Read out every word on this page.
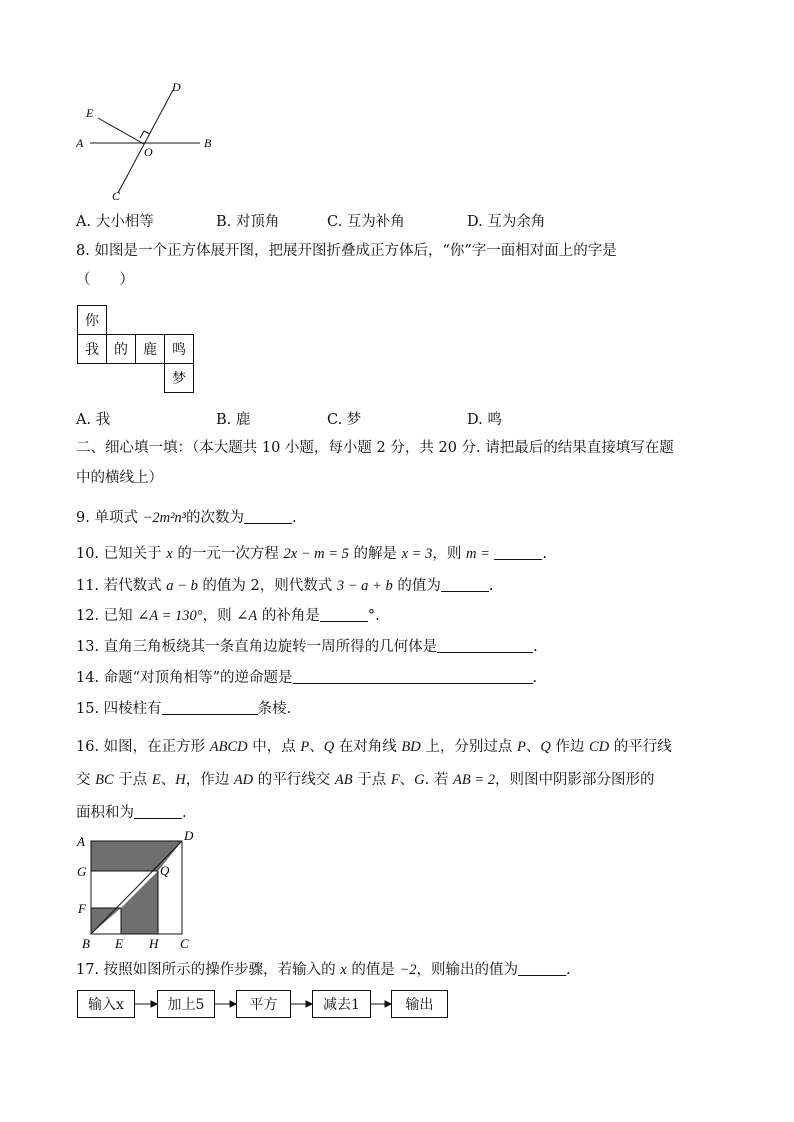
D
E
A
O
B
C
A. 大小相等	B. 对顶角	C. 互为补角	D. 互为余角
8. 如图是一个正方体展开图，把展开图折叠成正方体后，“你”字一面相对面上的字是
（　　）
你			
我	的	鹿	鸣
			梦
A. 我	B. 鹿	C. 梦	D. 鸣
二、细心填一填：（本大题共 10 小题，每小题 2 分，共 20 分. 请把最后的结果直接填写在题
中的横线上）
9. 单项式 −2m²n³的次数为	.
10. 已知关于 x 的一元一次方程 2x − m = 5 的解是 x = 3，则 m =	.
11. 若代数式 a − b 的值为 2，则代数式 3 − a + b 的值为	.
12. 已知 ∠A = 130°，则 ∠A 的补角是	°.
13. 直角三角板绕其一条直角边旋转一周所得的几何体是	.
14. 命题“对顶角相等”的逆命题是	.
15. 四棱柱有	条棱.
16. 如图，在正方形 ABCD 中，点 P、Q 在对角线 BD 上，分别过点 P、Q 作边 CD 的平行线
交 BC 于点 E、H，作边 AD 的平行线交 AB 于点 F、G. 若 AB = 2，则图中阴影部分图形的
面积和为	.
A	D
G	Q
F
B E H C
17. 按照如图所示的操作步骤，若输入的 x 的值是 −2，则输出的值为	.
输入x	加上5	平方	减去1	输出
